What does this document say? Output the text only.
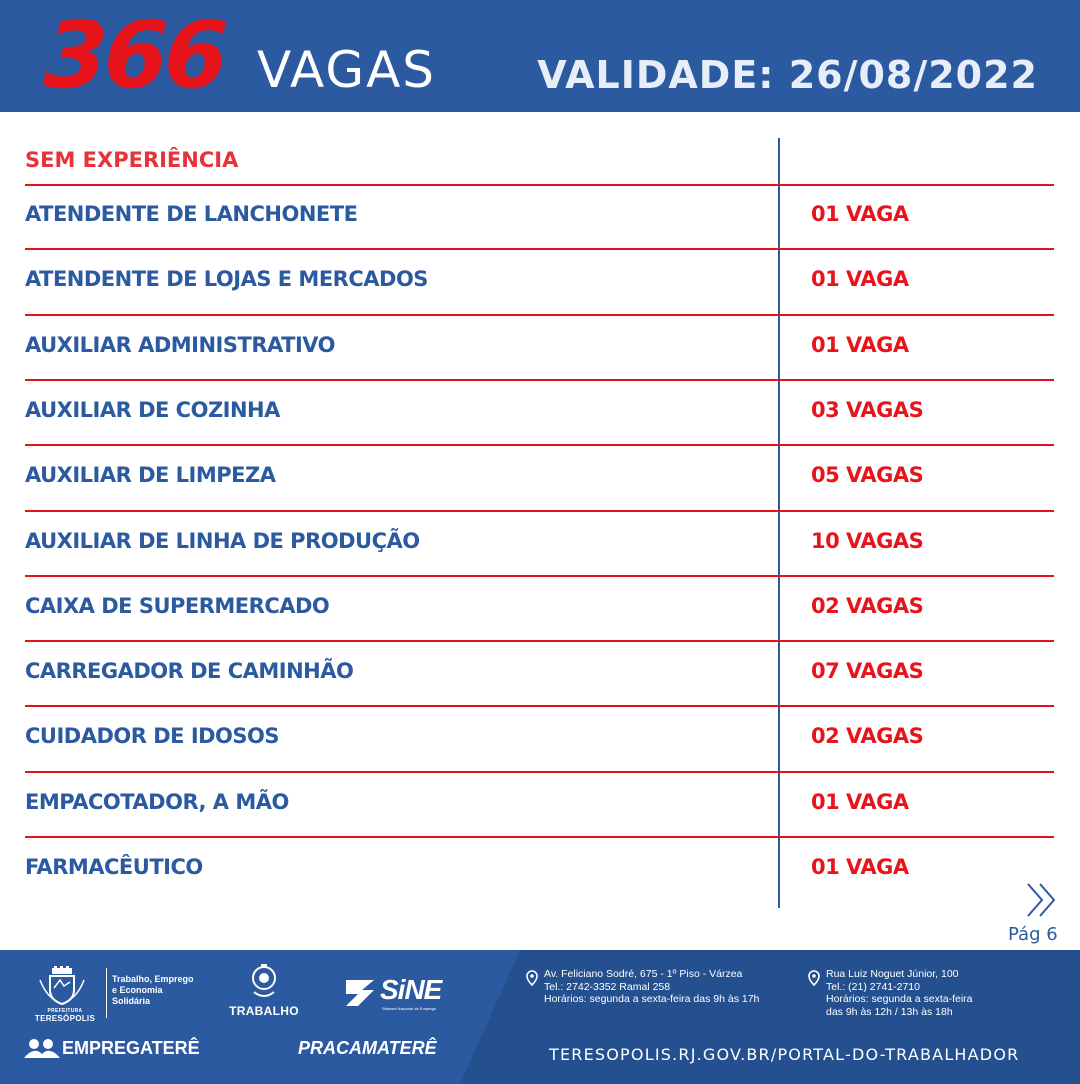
366 VAGAS	VALIDADE: 26/08/2022
SEM EXPERIÊNCIA
ATENDENTE DE LANCHONETE	01 VAGA
ATENDENTE DE LOJAS E MERCADOS	01 VAGA
AUXILIAR ADMINISTRATIVO	01 VAGA
AUXILIAR DE COZINHA	03 VAGAS
AUXILIAR DE LIMPEZA	05 VAGAS
AUXILIAR DE LINHA DE PRODUÇÃO	10 VAGAS
CAIXA DE SUPERMERCADO	02 VAGAS
CARREGADOR DE CAMINHÃO	07 VAGAS
CUIDADOR DE IDOSOS	02 VAGAS
EMPACOTADOR, A MÃO	01 VAGA
FARMACÊUTICO	01 VAGA
Pág 6
PREFEITURA
TERESÓPOLIS
Trabalho, Emprego
e Economia
Solidária
TRABALHO
SiNE
Sistema Nacional de Emprego
EMPREGATERÊ	PRACAMATERÊ
Av. Feliciano Sodré, 675 - 1º Piso - Várzea
Tel.: 2742-3352 Ramal 258
Horários: segunda a sexta-feira das 9h às 17h
Rua Luiz Noguet Júnior, 100
Tel.: (21) 2741-2710
Horários: segunda a sexta-feira
das 9h às 12h / 13h às 18h
TERESOPOLIS.RJ.GOV.BR/PORTAL-DO-TRABALHADOR
